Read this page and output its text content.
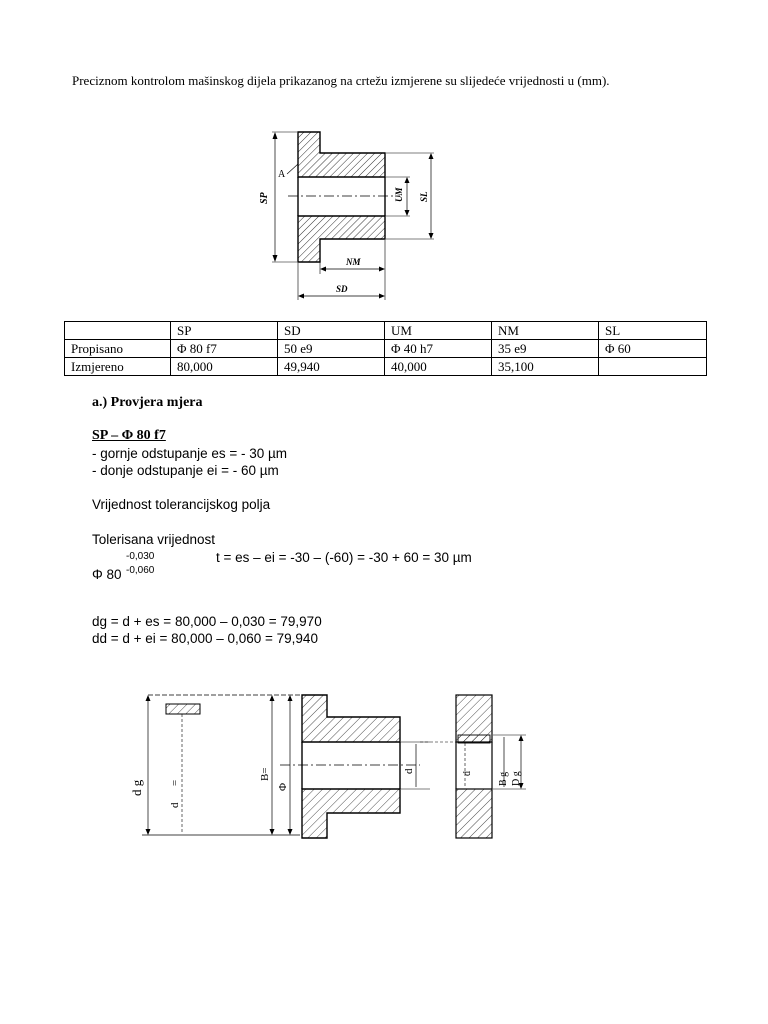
Preciznom kontrolom mašinskog dijela prikazanog na crtežu izmjerene su slijedeće vrijednosti u (mm).
SP
A
UM SL
NM
SD
	SP	SD	UM	NM	SL
Propisano	Φ 80 f7	50 e9	Φ 40 h7	35 e9	Φ 60
Izmjereno	80,000	49,940	40,000	35,100	
a.) Provjera mjera
SP – Φ 80 f7
- gornje odstupanje es = - 30 µm
- donje odstupanje ei = - 60 µm
Vrijednost tolerancijskog polja
Tolerisana vrijednost
-0,030
Φ 80 -0,060
t = es – ei = -30 – (-60) = -30 + 60 = 30 µm
dg = d + es = 80,000 – 0,030 = 79,970
dd = d + ei = 80,000 – 0,060 = 79,940
d g =
d
B=
Φ
d	d	B g D g
